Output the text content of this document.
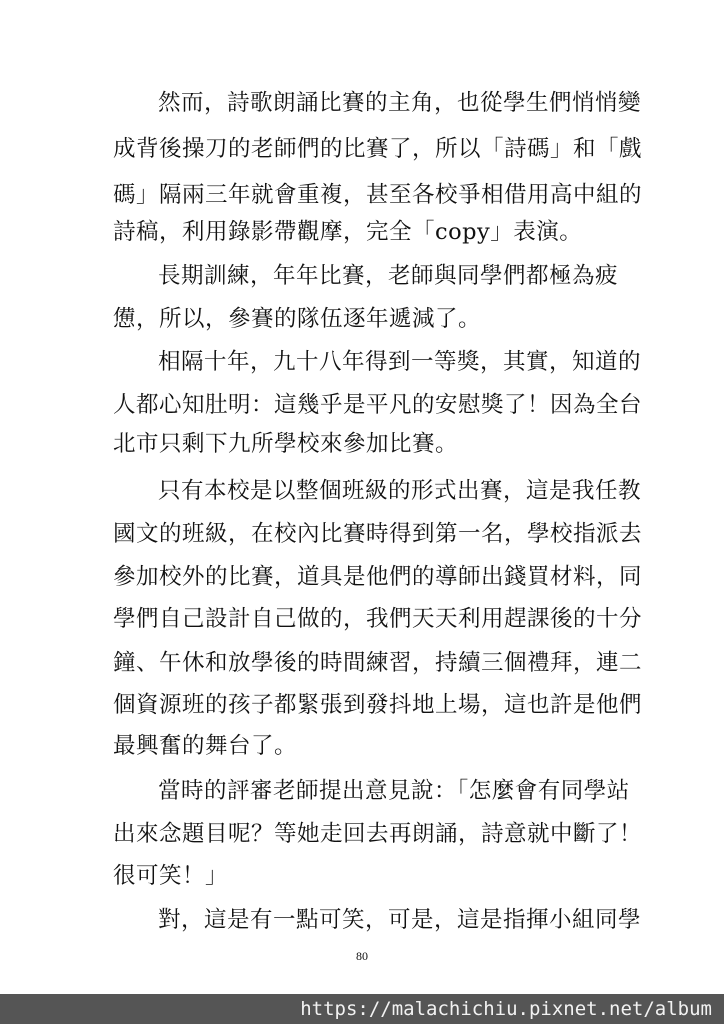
然而，詩歌朗誦比賽的主角，也從學生們悄悄變
成背後操刀的老師們的比賽了，所以「詩碼」和「戲
碼」隔兩三年就會重複，甚至各校爭相借用高中組的
詩稿，利用錄影帶觀摩，完全「copy」表演。
長期訓練，年年比賽，老師與同學們都極為疲
憊，所以，參賽的隊伍逐年遞減了。
相隔十年，九十八年得到一等獎，其實，知道的
人都心知肚明：這幾乎是平凡的安慰獎了！因為全台
北市只剩下九所學校來參加比賽。
只有本校是以整個班級的形式出賽，這是我任教
國文的班級，在校內比賽時得到第一名，學校指派去
參加校外的比賽，道具是他們的導師出錢買材料，同
學們自己設計自己做的，我們天天利用趕課後的十分
鐘、午休和放學後的時間練習，持續三個禮拜，連二
個資源班的孩子都緊張到發抖地上場，這也許是他們
最興奮的舞台了。
當時的評審老師提出意見說：「怎麼會有同學站
出來念題目呢？等她走回去再朗誦，詩意就中斷了！
很可笑！」
對，這是有一點可笑，可是，這是指揮小組同學
80
https://malachichiu.pixnet.net/album
